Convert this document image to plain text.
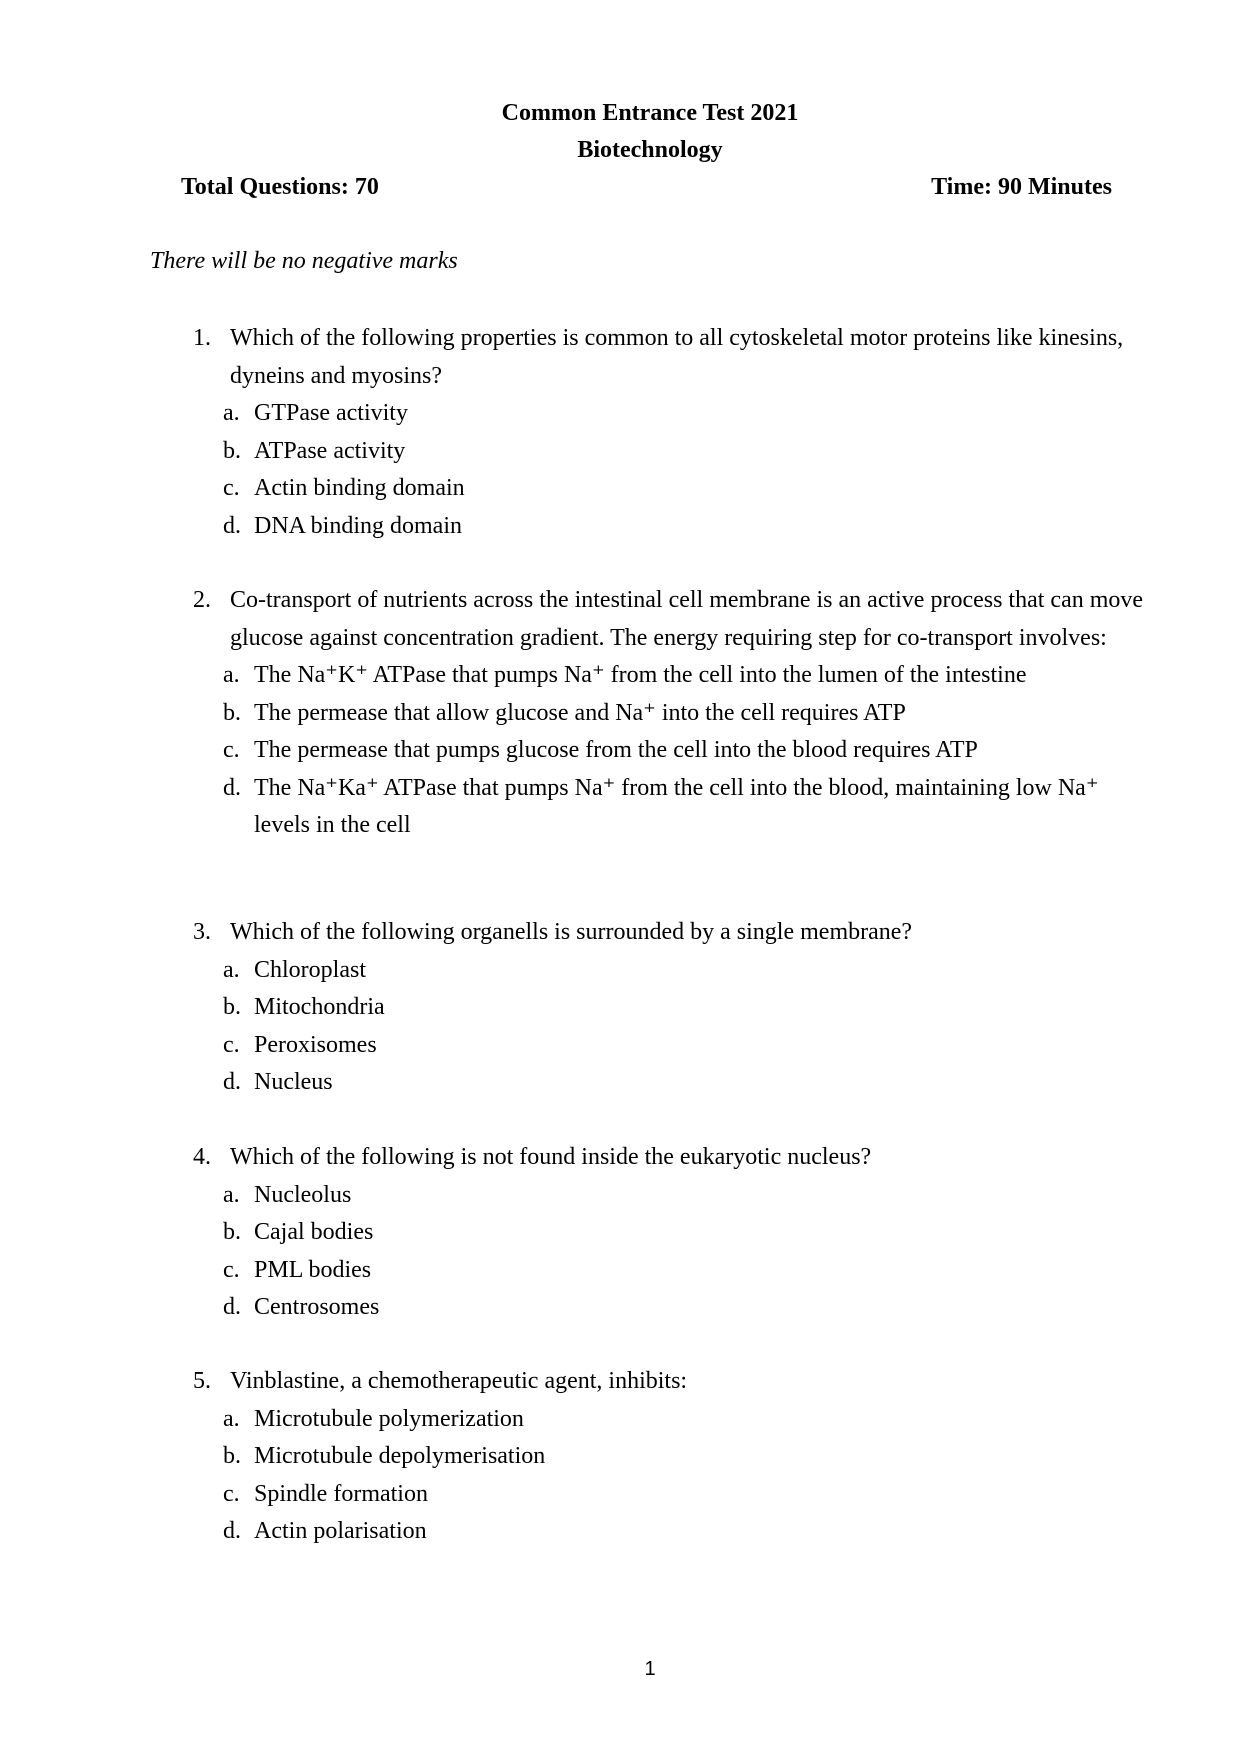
Common Entrance Test 2021
Biotechnology
Total Questions: 70	Time: 90 Minutes
There will be no negative marks
1. Which of the following properties is common to all cytoskeletal motor proteins like kinesins, dyneins and myosins?
a. GTPase activity
b. ATPase activity
c. Actin binding domain
d. DNA binding domain
2. Co-transport of nutrients across the intestinal cell membrane is an active process that can move glucose against concentration gradient. The energy requiring step for co-transport involves:
a. The Na⁺K⁺ ATPase that pumps Na⁺ from the cell into the lumen of the intestine
b. The permease that allow glucose and Na⁺ into the cell requires ATP
c. The permease that pumps glucose from the cell into the blood requires ATP
d. The Na⁺Ka⁺ ATPase that pumps Na⁺ from the cell into the blood, maintaining low Na⁺ levels in the cell
3. Which of the following organells is surrounded by a single membrane?
a. Chloroplast
b. Mitochondria
c. Peroxisomes
d. Nucleus
4. Which of the following is not found inside the eukaryotic nucleus?
a. Nucleolus
b. Cajal bodies
c. PML bodies
d. Centrosomes
5. Vinblastine, a chemotherapeutic agent, inhibits:
a. Microtubule polymerization
b. Microtubule depolymerisation
c. Spindle formation
d. Actin polarisation
1
